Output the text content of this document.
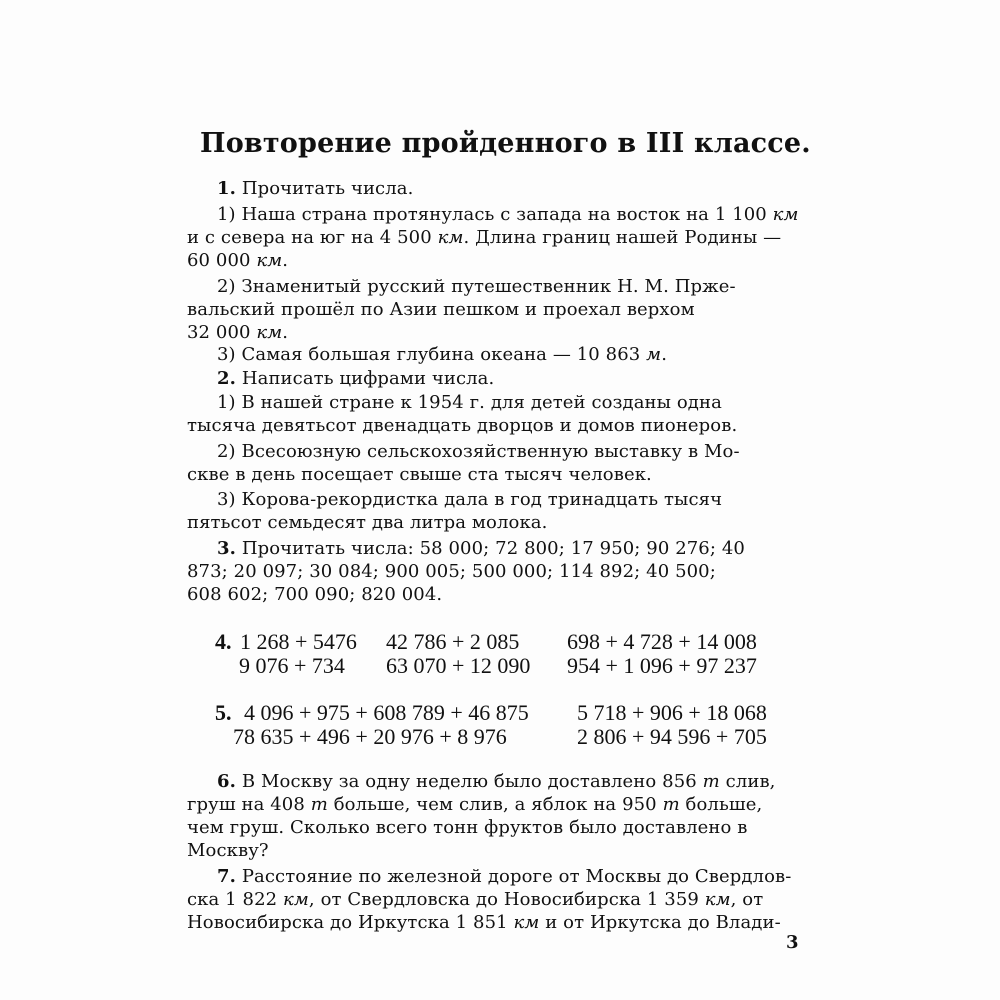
Повторение пройденного в III классе.
1. Прочитать числа.
1) Наша страна протянулась с запада на восток на 1 100 км
и с севера на юг на 4 500 км. Длина границ нашей Родины —
60 000 км.
2) Знаменитый русский путешественник Н. М. Пржe-
вальский прошёл по Азии пешком и проехал верхом
32 000 км.
3) Самая большая глубина океана — 10 863 м.
2. Написать цифрами числа.
1) В нашей стране к 1954 г. для детей созданы одна
тысяча девятьсот двенадцать дворцов и домов пионеров.
2) Всесоюзную сельскохозяйственную выставку в Мо-
скве в день посещает свыше ста тысяч человек.
3) Корова-рекордистка дала в год тринадцать тысяч
пятьсот семьдесят два литра молока.
3. Прочитать числа: 58 000; 72 800; 17 950; 90 276; 40
873; 20 097; 30 084; 900 005; 500 000; 114 892; 40 500;
608 602; 700 090; 820 004.
4. 1 268 + 5476 42 786 + 2 085 698 + 4 728 + 14 008
9 076 + 734 63 070 + 12 090 954 + 1 096 + 97 237
5. 4 096 + 975 + 608 789 + 46 875 5 718 + 906 + 18 068
78 635 + 496 + 20 976 + 8 976	2 806 + 94 596 + 705
6. В Москву за одну неделю было доставлено 856 т слив,
груш на 408 т больше, чем слив, а яблок на 950 т больше,
чем груш. Сколько всего тонн фруктов было доставлено в
Москву?
7. Расстояние по железной дороге от Москвы до Свердлов-
ска 1 822 км, от Свердловска до Новосибирска 1 359 км, от
Новосибирска до Иркутска 1 851 км и от Иркутска до Влади-
3
